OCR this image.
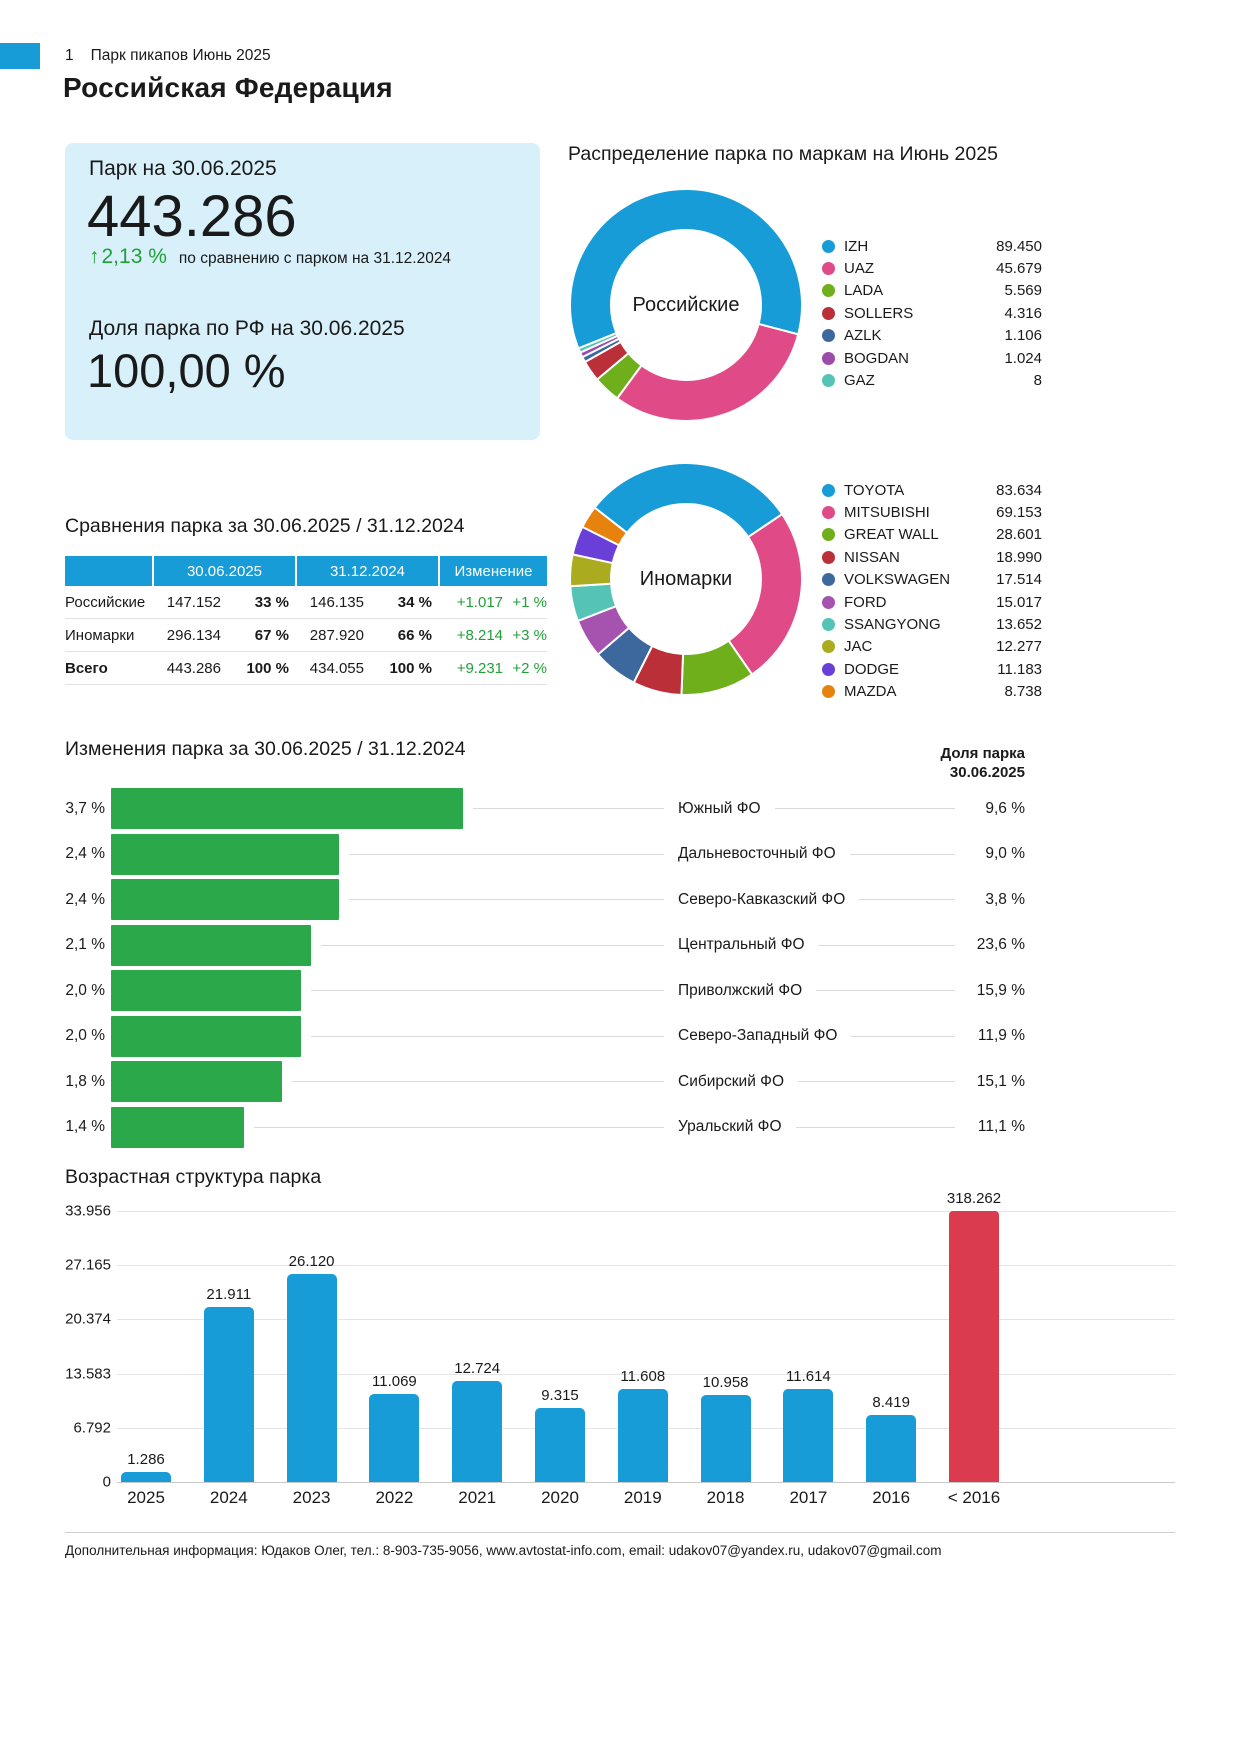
1 Парк пикапов Июнь 2025
Российская Федерация
Парк на 30.06.2025
443.286
↑ 2,13 % по сравнению с парком на 31.12.2024
Доля парка по РФ на 30.06.2025
100,00 %
Распределение парка по маркам на Июнь 2025
Российские
IZH	89.450
UAZ	45.679
LADA	5.569
SOLLERS	4.316
AZLK	1.106
BOGDAN	1.024
GAZ	8
Иномарки
TOYOTA	83.634
MITSUBISHI	69.153
GREAT WALL	28.601
NISSAN	18.990
VOLKSWAGEN	17.514
FORD	15.017
SSANGYONG	13.652
JAC	12.277
DODGE	11.183
MAZDA	8.738
Сравнения парка за 30.06.2025 / 31.12.2024
30.06.2025	31.12.2024	Изменение
Российские	147.152	33 %	146.135	34 %	+1.017 +1 %
Иномарки	296.134	67 %	287.920	66 %	+8.214 +3 %
Всего	443.286	100 %	434.055	100 %	+9.231 +2 %
Изменения парка за 30.06.2025 / 31.12.2024	Доля парка
30.06.2025
3,7 %	Южный ФО	9,6 %
2,4 %	Дальневосточный ФО	9,0 %
2,4 %	Северо-Кавказский ФО	3,8 %
2,1 %	Центральный ФО	23,6 %
2,0 %	Приволжский ФО	15,9 %
2,0 %	Северо-Западный ФО	11,9 %
1,8 %	Сибирский ФО	15,1 %
1,4 %	Уральский ФО	11,1 %
Возрастная структура парка
0
6.792
13.583
20.374
27.165
33.956
1.286
2025
21.911
2024
26.120
2023
11.069
2022
12.724
2021
9.315
2020
11.608
2019
10.958
2018
11.614
2017
8.419
2016
318.262
< 2016
Дополнительная информация: Юдаков Олег, тел.: 8-903-735-9056, www.avtostat-info.com, email: udakov07@yandex.ru, udakov07@gmail.com
